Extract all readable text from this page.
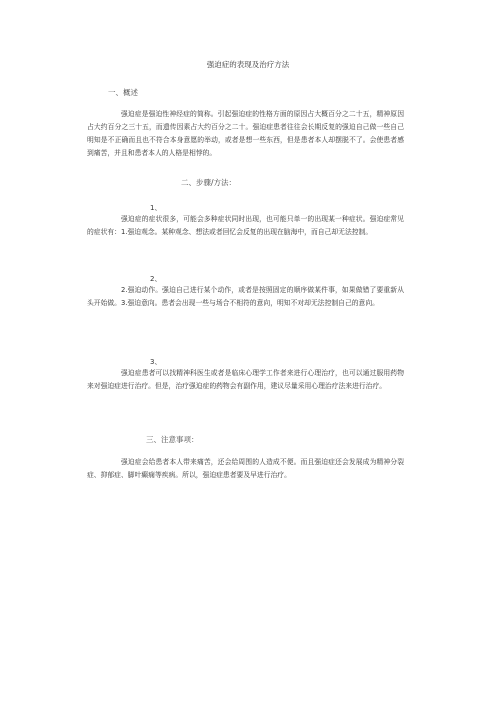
强迫症的表现及治疗方法
一、概述
强迫症是强迫性神经症的简称。引起强迫症的性格方面的原因占大概百分之二十五，精神原因占大约百分之三十五，而遗传因素占大约百分之二十。强迫症患者往往会长期反复的强迫自己做一些自己明知是不正确而且也不符合本身意愿的举动，或者是想一些东西，但是患者本人却摆脱不了。会使患者感到痛苦，并且和患者本人的人格是相悖的。
二、步骤/方法：
1、
强迫症的症状很多，可能会多种症状同时出现，也可能只单一的出现某一种症状。强迫症常见的症状有：1.强迫观念。某种观念、想法或者回忆会反复的出现在脑海中，而自己却无法控制。
2、
2.强迫动作。强迫自己进行某个动作，或者是按照固定的顺序做某件事，如果做错了要重新从头开始做。3.强迫意向。患者会出现一些与场合不相符的意向，明知不对却无法控制自己的意向。
3、
强迫症患者可以找精神科医生或者是临床心理学工作者来进行心理治疗，也可以通过服用药物来对强迫症进行治疗。但是，治疗强迫症的药物会有副作用，建议尽量采用心理治疗法来进行治疗。
三、注意事项：
强迫症会给患者本人带来痛苦，还会给周围的人造成不便。而且强迫症还会发展成为精神分裂症、抑郁症、脚叶癫痫等疾病。所以，强迫症患者要及早进行治疗。
